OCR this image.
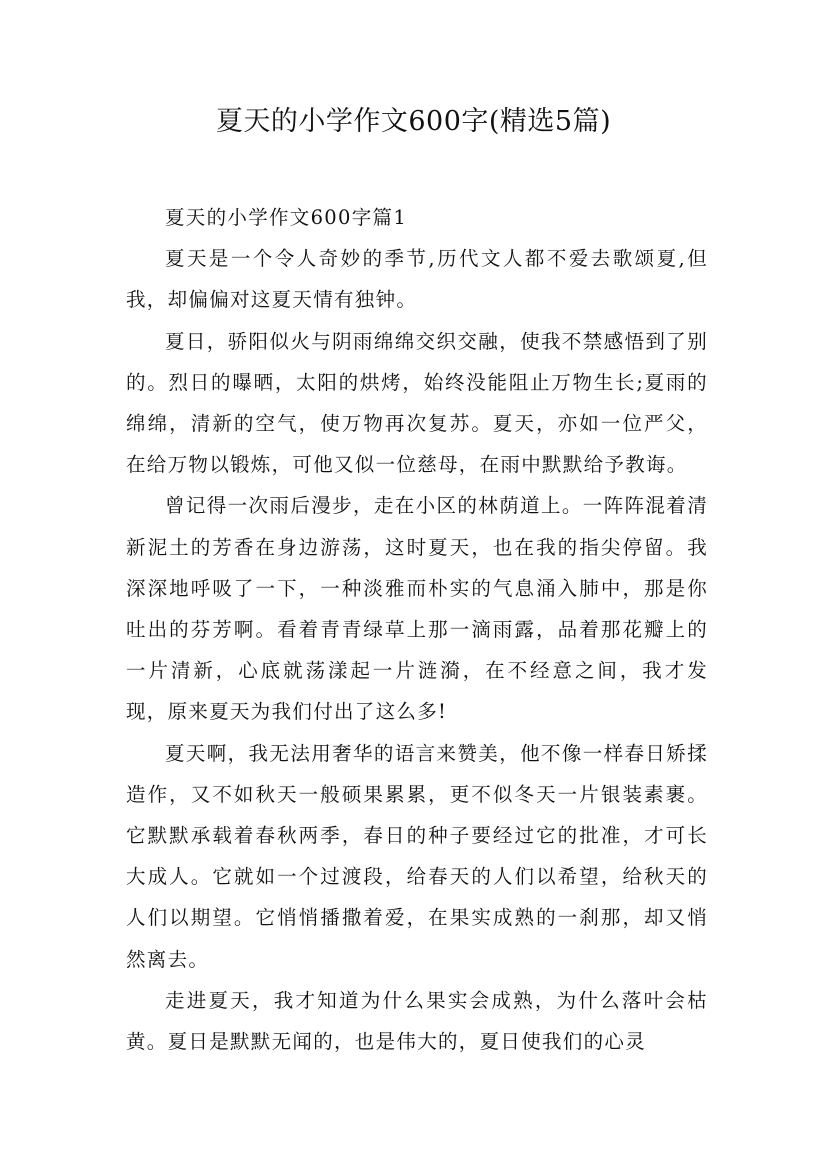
夏天的小学作文600字(精选5篇)

夏天的小学作文600字篇1

夏天是一个令人奇妙的季节,历代文人都不爱去歌颂夏,但我，却偏偏对这夏天情有独钟。

夏日，骄阳似火与阴雨绵绵交织交融，使我不禁感悟到了别的。烈日的曝晒，太阳的烘烤，始终没能阻止万物生长;夏雨的绵绵，清新的空气，使万物再次复苏。夏天，亦如一位严父，在给万物以锻炼，可他又似一位慈母，在雨中默默给予教诲。

曾记得一次雨后漫步，走在小区的林荫道上。一阵阵混着清新泥土的芳香在身边游荡，这时夏天，也在我的指尖停留。我深深地呼吸了一下，一种淡雅而朴实的气息涌入肺中，那是你吐出的芬芳啊。看着青青绿草上那一滴雨露，品着那花瓣上的一片清新，心底就荡漾起一片涟漪，在不经意之间，我才发现，原来夏天为我们付出了这么多!

夏天啊，我无法用奢华的语言来赞美，他不像一样春日矫揉造作，又不如秋天一般硕果累累，更不似冬天一片银装素裹。它默默承载着春秋两季，春日的种子要经过它的批准，才可长大成人。它就如一个过渡段，给春天的人们以希望，给秋天的人们以期望。它悄悄播撒着爱，在果实成熟的一刹那，却又悄然离去。

走进夏天，我才知道为什么果实会成熟，为什么落叶会枯黄。夏日是默默无闻的，也是伟大的，夏日使我们的心灵
